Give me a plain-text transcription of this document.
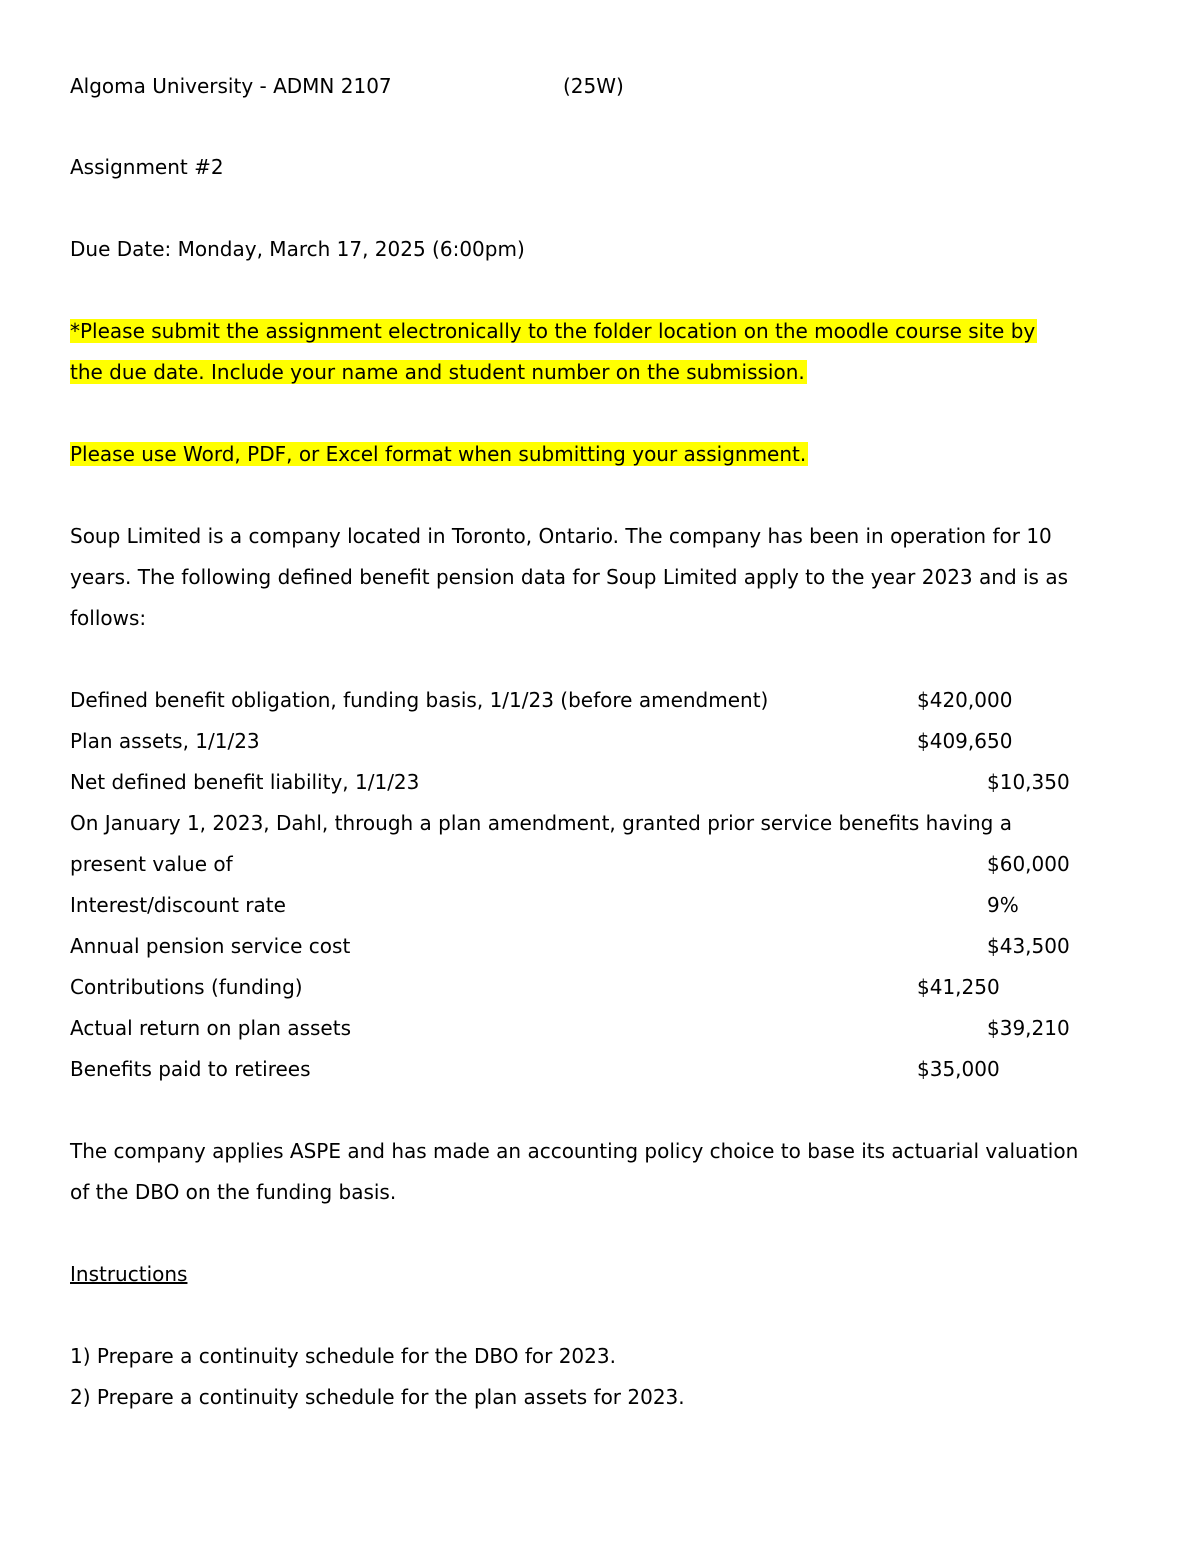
Algoma University - ADMN 2107	(25W)
Assignment #2
Due Date: Monday, March 17, 2025 (6:00pm)
*Please submit the assignment electronically to the folder location on the moodle course site by
the due date. Include your name and student number on the submission.
Please use Word, PDF, or Excel format when submitting your assignment.
Soup Limited is a company located in Toronto, Ontario. The company has been in operation for 10
years. The following defined benefit pension data for Soup Limited apply to the year 2023 and is as
follows:
Defined benefit obligation, funding basis, 1/1/23 (before amendment)	$420,000
Plan assets, 1/1/23	$409,650
Net defined benefit liability, 1/1/23	$10,350
On January 1, 2023, Dahl, through a plan amendment, granted prior service benefits having a
present value of	$60,000
Interest/discount rate	9%
Annual pension service cost	$43,500
Contributions (funding)	$41,250
Actual return on plan assets	$39,210
Benefits paid to retirees	$35,000
The company applies ASPE and has made an accounting policy choice to base its actuarial valuation
of the DBO on the funding basis.
Instructions
1) Prepare a continuity schedule for the DBO for 2023.
2) Prepare a continuity schedule for the plan assets for 2023.
